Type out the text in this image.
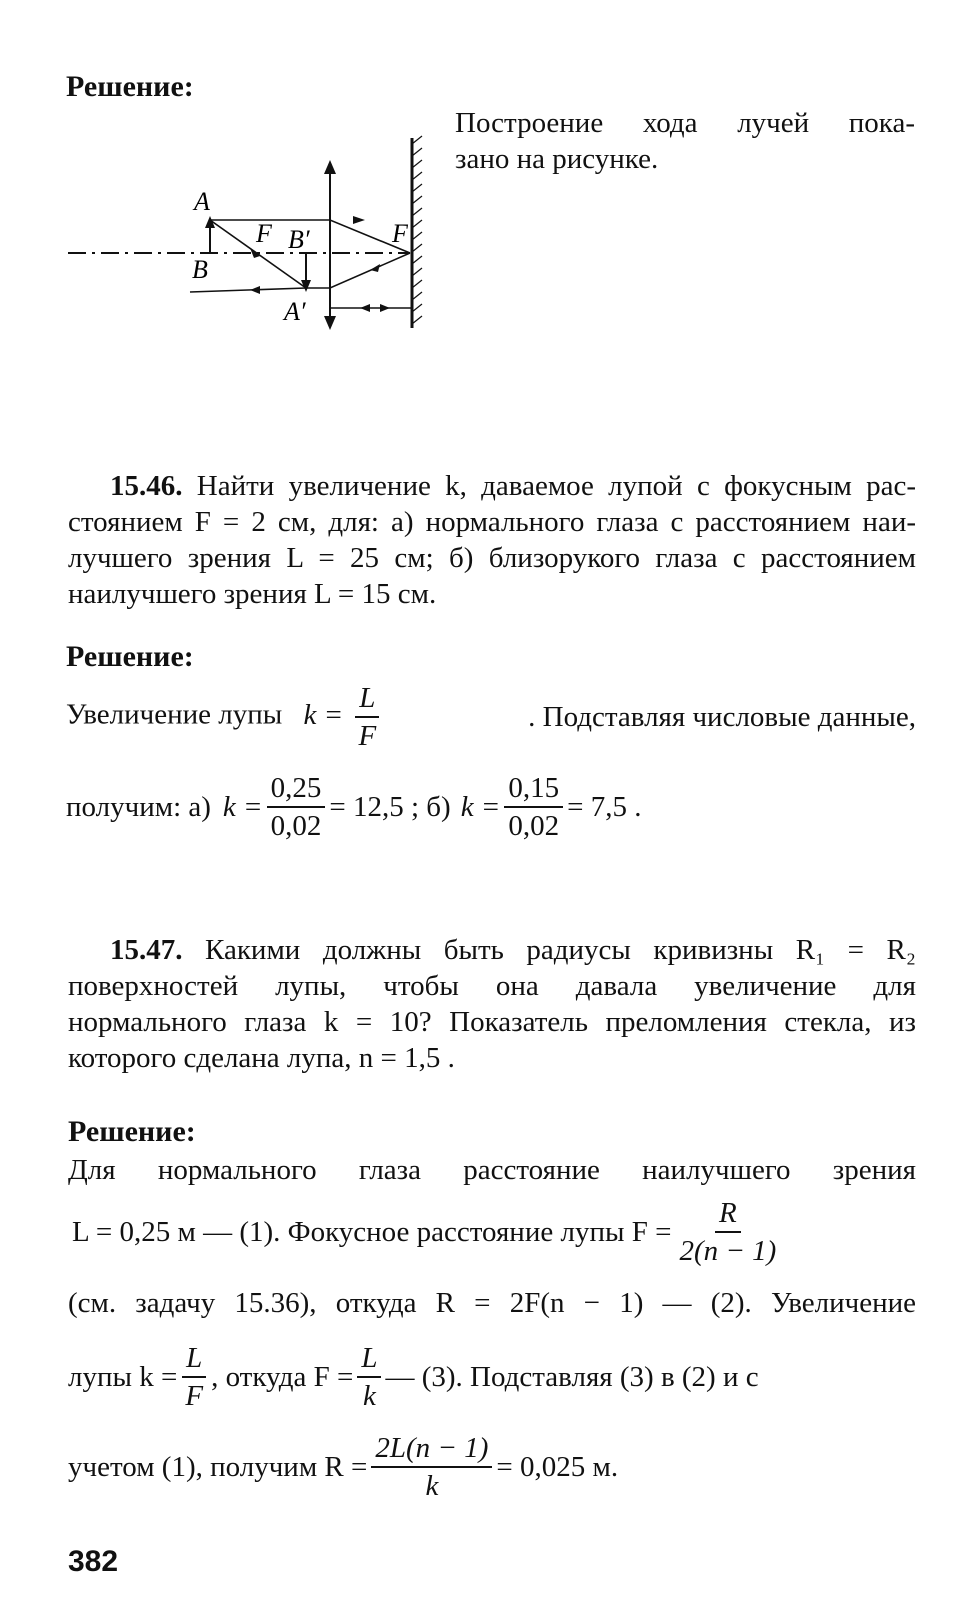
Решение:
A
B
F B′	F
A′
Построение хода лучей пока-
зано на рисунке.
15.46. Найти увеличение k, даваемое лупой с фокусным рас-
стоянием F = 2 см, для: а) нормального глаза с расстоянием наи-
лучшего зрения L = 25 см; б) близорукого глаза с расстоянием
наилучшего зрения L = 15 см.
Решение:
Увеличение лупы $k = \frac{L}{F}$	. Подставляя числовые данные,
получим: а) $k = \frac{0,25}{0,02} = 12,5$ ; б) $k = \frac{0,15}{0,02} = 7,5$ .
15.47. Какими должны быть радиусы кривизны R₁ = R₂
поверхностей лупы, чтобы она давала увеличение для
нормального глаза k = 10? Показатель преломления стекла, из
которого сделана лупа, n = 1,5 .
Решение:
Для нормального глаза расстояние наилучшего зрения
L = 0,25 м — (1). Фокусное расстояние лупы $F = \frac{R}{2(n - 1)}$
(см. задачу 15.36), откуда R = 2F(n − 1) — (2). Увеличение
лупы $k = \frac{L}{F}$ , откуда $F = \frac{L}{k}$ — (3). Подставляя (3) в (2) и с
учетом (1), получим $R = \frac{2L(n - 1)}{k} = 0,025$ м.
382
